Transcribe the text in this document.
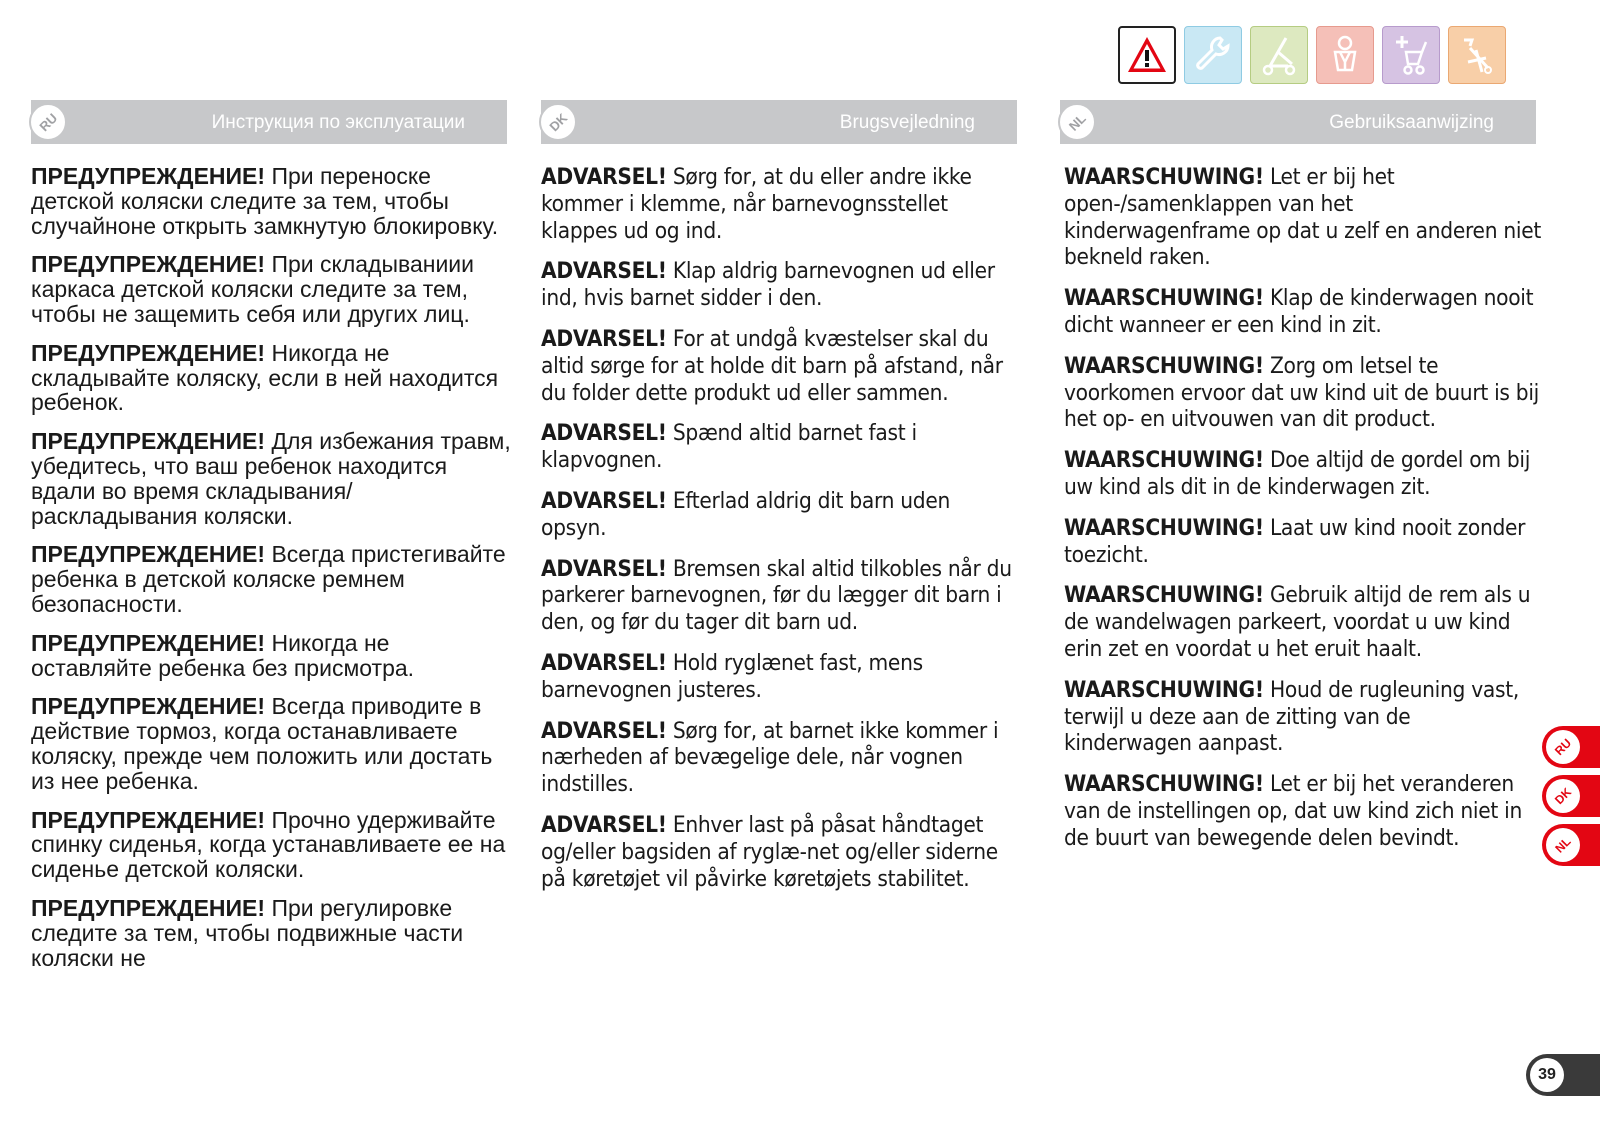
RU	Инструкция по эксплуатации	DK	Brugsvejledning	NL	Gebruiksaanwijzing

ПРЕДУПРЕЖДЕНИЕ! При переноске детской коляски следите за тем, чтобы случайноне открыть замкнутую блокировку.

ПРЕДУПРЕЖДЕНИЕ! При складываниии каркаса детской коляски следите за тем, чтобы не защемить себя или других лиц.

ПРЕДУПРЕЖДЕНИЕ! Никогда не складывайте коляску, если в ней находится ребенок.

ПРЕДУПРЕЖДЕНИЕ! Для избежания травм, убедитесь, что ваш ребенок находится вдали во время складывания/раскладывания коляски.

ПРЕДУПРЕЖДЕНИЕ! Всегда пристегивайте ребенка в детской коляске ремнем безопасности.

ПРЕДУПРЕЖДЕНИЕ! Никогда не оставляйте ребенка без присмотра.

ПРЕДУПРЕЖДЕНИЕ! Всегда приводите в действие тормоз, когда останавливаете коляску, прежде чем положить или достать из нее ребенка.

ПРЕДУПРЕЖДЕНИЕ! Прочно удерживайте спинку сиденья, когда устанавливаете ее на сиденье детской коляски.

ПРЕДУПРЕЖДЕНИЕ! При регулировке следите за тем, чтобы подвижные части коляски не

ADVARSEL! Sørg for, at du eller andre ikke kommer i klemme, når barnevognsstellet klappes ud og ind.

ADVARSEL! Klap aldrig barnevognen ud eller ind, hvis barnet sidder i den.

ADVARSEL! For at undgå kvæstelser skal du altid sørge for at holde dit barn på afstand, når du folder dette produkt ud eller sammen.

ADVARSEL! Spænd altid barnet fast i klapvognen.

ADVARSEL! Efterlad aldrig dit barn uden opsyn.

ADVARSEL! Bremsen skal altid tilkobles når du parkerer barnevognen, før du lægger dit barn i den, og før du tager dit barn ud.

ADVARSEL! Hold ryglænet fast, mens barnevognen justeres.

ADVARSEL! Sørg for, at barnet ikke kommer i nærheden af bevægelige dele, når vognen indstilles.

ADVARSEL! Enhver last på påsat håndtaget og/eller bagsiden af ryglæ-net og/eller siderne på køretøjet vil påvirke køretøjets stabilitet.

WAARSCHUWING! Let er bij het open-/samenklappen van het kinderwagenframe op dat u zelf en anderen niet bekneld raken.

WAARSCHUWING! Klap de kinderwagen nooit dicht wanneer er een kind in zit.

WAARSCHUWING! Zorg om letsel te voorkomen ervoor dat uw kind uit de buurt is bij het op- en uitvouwen van dit product.

WAARSCHUWING! Doe altijd de gordel om bij uw kind als dit in de kinderwagen zit.

WAARSCHUWING! Laat uw kind nooit zonder toezicht.

WAARSCHUWING! Gebruik altijd de rem als u de wandelwagen parkeert, voordat u uw kind erin zet en voordat u het eruit haalt.

WAARSCHUWING! Houd de rugleuning vast, terwijl u deze aan de zitting van de kinderwagen aanpast.

WAARSCHUWING! Let er bij het veranderen van de instellingen op, dat uw kind zich niet in de buurt van bewegende delen bevindt.

RU
DK
NL
39
